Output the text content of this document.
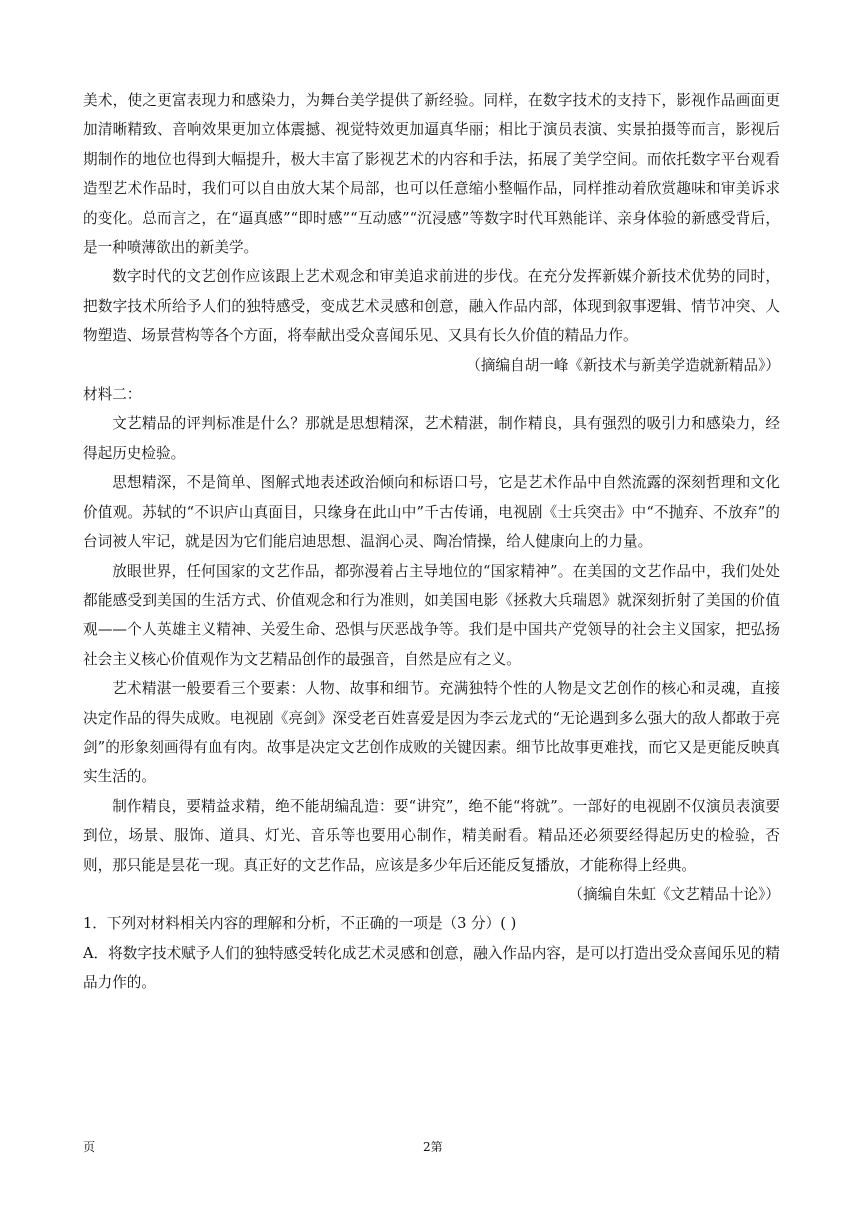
美术，使之更富表现力和感染力，为舞台美学提供了新经验。同样，在数字技术的支持下，影视作品画面更加清晰精致、音响效果更加立体震撼、视觉特效更加逼真华丽；相比于演员表演、实景拍摄等而言，影视后期制作的地位也得到大幅提升，极大丰富了影视艺术的内容和手法，拓展了美学空间。而依托数字平台观看造型艺术作品时，我们可以自由放大某个局部，也可以任意缩小整幅作品，同样推动着欣赏趣味和审美诉求的变化。总而言之，在“逼真感”“即时感”“互动感”“沉浸感”等数字时代耳熟能详、亲身体验的新感受背后，是一种喷薄欲出的新美学。

数字时代的文艺创作应该跟上艺术观念和审美追求前进的步伐。在充分发挥新媒介新技术优势的同时，把数字技术所给予人们的独特感受，变成艺术灵感和创意，融入作品内部，体现到叙事逻辑、情节冲突、人物塑造、场景营构等各个方面，将奉献出受众喜闻乐见、又具有长久价值的精品力作。

（摘编自胡一峰《新技术与新美学造就新精品》）

材料二：

文艺精品的评判标准是什么？那就是思想精深，艺术精湛，制作精良，具有强烈的吸引力和感染力，经得起历史检验。

思想精深，不是简单、图解式地表述政治倾向和标语口号，它是艺术作品中自然流露的深刻哲理和文化价值观。苏轼的“不识庐山真面目，只缘身在此山中”千古传诵，电视剧《士兵突击》中“不抛弃、不放弃”的台词被人牢记，就是因为它们能启迪思想、温润心灵、陶冶情操，给人健康向上的力量。

放眼世界，任何国家的文艺作品，都弥漫着占主导地位的“国家精神”。在美国的文艺作品中，我们处处都能感受到美国的生活方式、价值观念和行为准则，如美国电影《拯救大兵瑞恩》就深刻折射了美国的价值观——个人英雄主义精神、关爱生命、恐惧与厌恶战争等。我们是中国共产党领导的社会主义国家，把弘扬社会主义核心价值观作为文艺精品创作的最强音，自然是应有之义。

艺术精湛一般要看三个要素：人物、故事和细节。充满独特个性的人物是文艺创作的核心和灵魂，直接决定作品的得失成败。电视剧《亮剑》深受老百姓喜爱是因为李云龙式的“无论遇到多么强大的敌人都敢于亮剑”的形象刻画得有血有肉。故事是决定文艺创作成败的关键因素。细节比故事更难找，而它又是更能反映真实生活的。

制作精良，要精益求精，绝不能胡编乱造：要“讲究”，绝不能“将就”。一部好的电视剧不仅演员表演要到位，场景、服饰、道具、灯光、音乐等也要用心制作，精美耐看。精品还必须要经得起历史的检验，否则，那只能是昙花一现。真正好的文艺作品，应该是多少年后还能反复播放，才能称得上经典。

（摘编自朱虹《文艺精品十论》）

1．下列对材料相关内容的理解和分析，不正确的一项是（3 分）( )

A．将数字技术赋予人们的独特感受转化成艺术灵感和创意，融入作品内容，是可以打造出受众喜闻乐见的精品力作的。

页	2第
